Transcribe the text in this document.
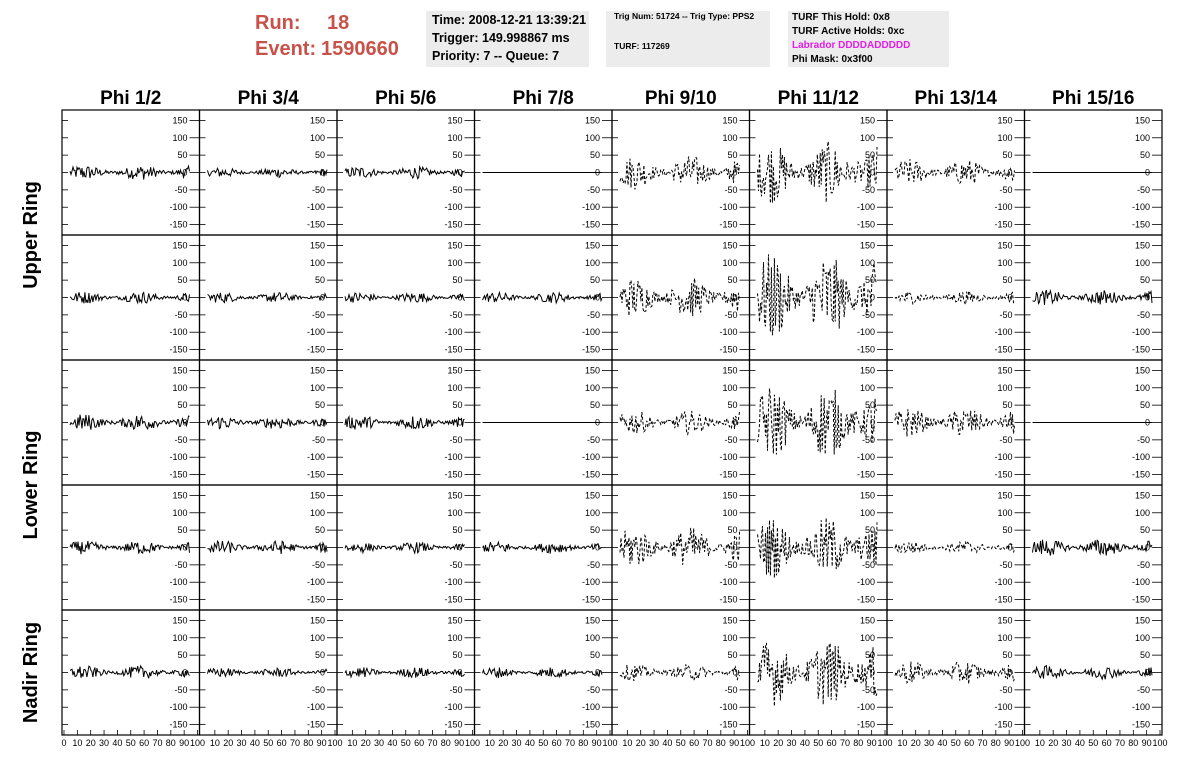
Run: 18
Event: 1590660
Time: 2008-12-21 13:39:21
Trigger: 149.998867 ms
Priority: 7 -- Queue: 7
Trig Num: 51724 -- Trig Type: PPS2
TURF: 117269
TURF This Hold: 0x8
TURF Active Holds: 0xc
Labrador DDDDADDDDD
Phi Mask: 0x3f00
Phi 1/2	Phi 3/4	Phi 5/6	Phi 7/8	Phi 9/10	Phi 11/12	Phi 13/14	Phi 15/16
Upper Ring
Lower Ring
Nadir Ring
150
100
50
0
-50
-100
-150
150
100
50
0
-50
-100
-150
150
100
50
0
-50
-100
-150
150
100
50
0
-50
-100
-150
150
100
50
0
-50
-100
-150
150
100
50
0
-50
-100
-150
150
100
50
0
-50
-100
-150
150
100
50
0
-50
-100
-150
150
100
50
0
-50
-100
-150
150
100
50
0
-50
-100
-150
150
100
50
0
-50
-100
-150
150
100
50
0
-50
-100
-150
150
100
50
0
-50
-100
-150
150
100
50
0
-50
-100
-150
150
100
50
0
-50
-100
-150
150
100
50
0
-50
-100
-150
150
100
50
0
-50
-100
-150
150
100
50
0
-50
-100
-150
150
100
50
0
-50
-100
-150
150
100
50
0
-50
-100
-150
150
100
50
0
-50
-100
-150
150
100
50
0
-50
-100
-150
150
100
50
0
-50
-100
-150
150
100
50
0
-50
-100
-150
150
100
50
0
-50
-100
-150
150
100
50
0
-50
-100
-150
150
100
50
0
-50
-100
-150
150
100
50
0
-50
-100
-150
150
100
50
0
-50
-100
-150
150
100
50
0
-50
-100
-150
150
100
50
0
-50
-100
-150
150
100
50
0
-50
-100
-150
150
100
50
0
-50
-100
-150
150
100
50
0
-50
-100
-150
150
100
50
0
-50
-100
-150
150
100
50
0
-50
-100
-150
150
100
50
0
-50
-100
-150
150
100
50
0
-50
-100
-150
150
100
50
0
-50
-100
-150
150
100
50
0
-50
-100
-150
0 10 20 30 40 50 60 70 80 90 100 10 20 30 40 50 60 70 80 90 100 10 20 30 40 50 60 70 80 90 100 10 20 30 40 50 60 70 80 90 100 10 20 30 40 50 60 70 80 90 100 10 20 30 40 50 60 70 80 90 100 10 20 30 40 50 60 70 80 90 100 10 20 30 40 50 60 70 80 90 100
